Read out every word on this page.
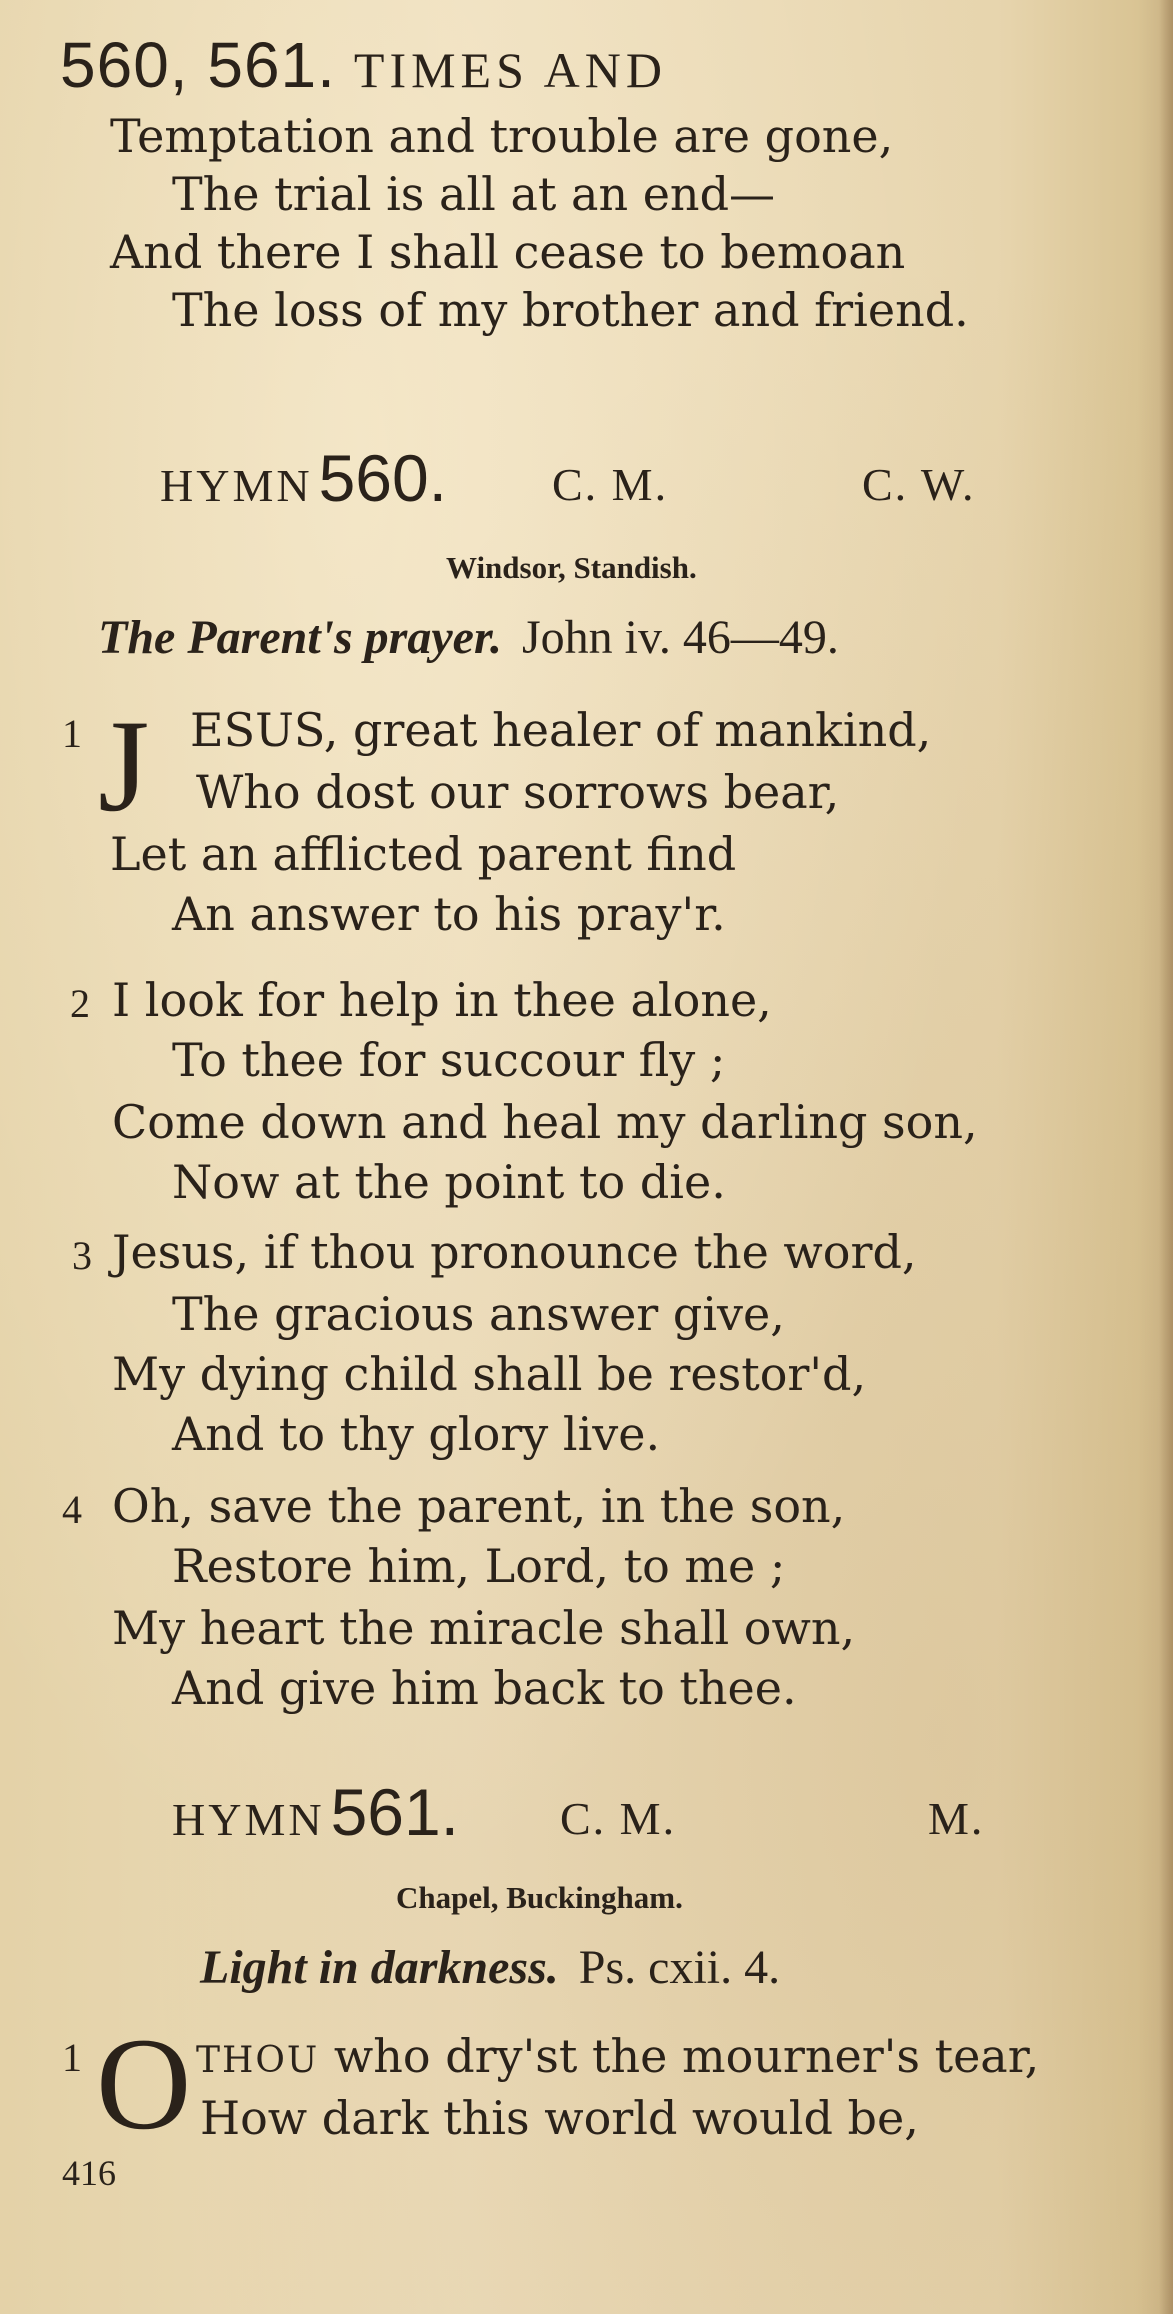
560, 561. TIMES AND
Temptation and trouble are gone,
The trial is all at an end—
And there I shall cease to bemoan
The loss of my brother and friend.
HYMN560. C. M.	C. W.
Windsor, Standish.
The Parent's prayer. John iv. 46—49.
1 J ESUS, great healer of mankind,
Who dost our sorrows bear,
Let an afflicted parent find
An answer to his pray'r.
2 I look for help in thee alone,
To thee for succour fly ;
Come down and heal my darling son,
Now at the point to die.
3 Jesus, if thou pronounce the word,
The gracious answer give,
My dying child shall be restor'd,
And to thy glory live.
4 Oh, save the parent, in the son,
Restore him, Lord, to me ;
My heart the miracle shall own,
And give him back to thee.
HYMN561. C. M.	M.
Chapel, Buckingham.
Light in darkness. Ps. cxii. 4.
1 O THOU who dry'st the mourner's tear,
How dark this world would be,
416
